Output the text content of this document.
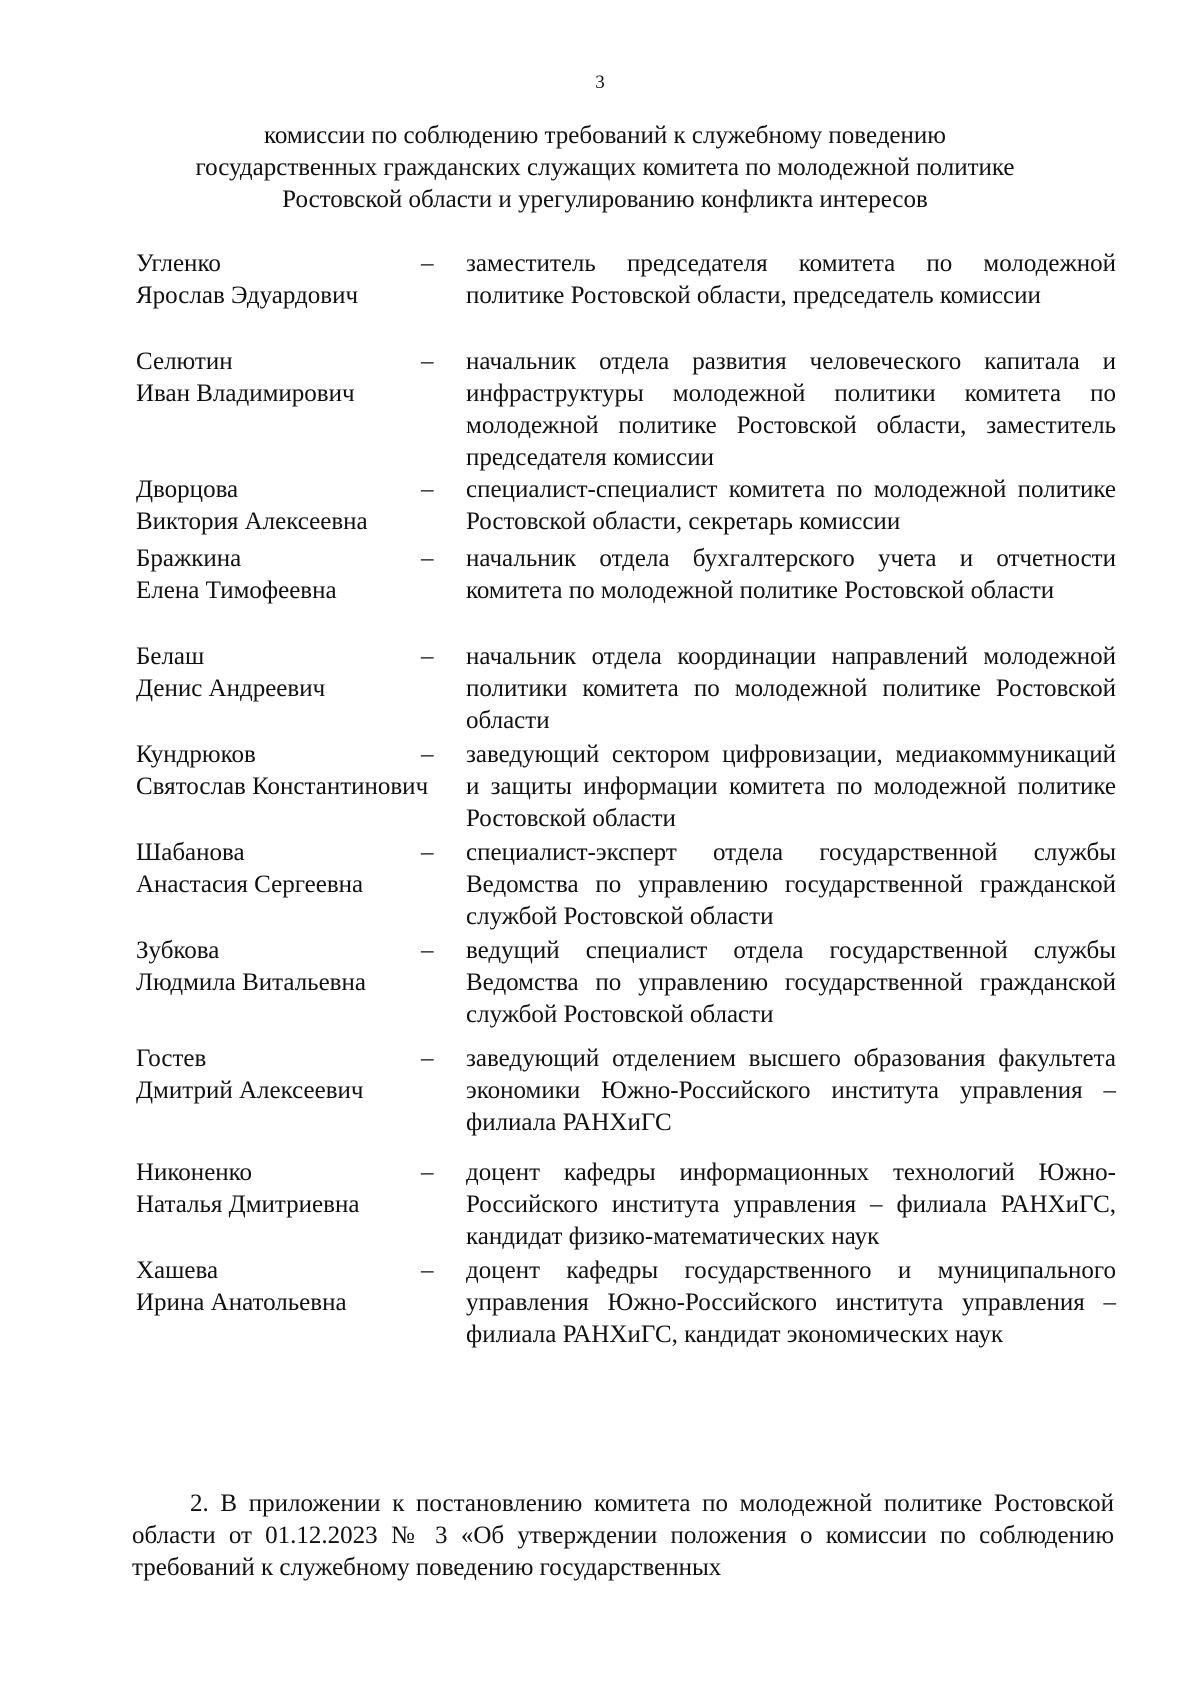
3
комиссии по соблюдению требований к служебному поведению
государственных гражданских служащих комитета по молодежной политике
Ростовской области и урегулированию конфликта интересов
Угленко
Ярослав Эдуардович
–	заместитель председателя комитета по молодежной политике Ростовской области, председатель комиссии
Селютин
Иван Владимирович
–	начальник отдела развития человеческого капитала и инфраструктуры молодежной политики комитета по молодежной политике Ростовской области, заместитель председателя комиссии
Дворцова
Виктория Алексеевна
–	специалист-специалист комитета по молодежной политике Ростовской области, секретарь комиссии
Бражкина
Елена Тимофеевна
–	начальник отдела бухгалтерского учета и отчетности комитета по молодежной политике Ростовской области
Белаш
Денис Андреевич
–	начальник отдела координации направлений молодежной политики комитета по молодежной политике Ростовской области
Кундрюков
Святослав Константинович
–	заведующий сектором цифровизации, медиакоммуникаций и защиты информации комитета по молодежной политике Ростовской области
Шабанова
Анастасия Сергеевна
–	специалист-эксперт отдела государственной службы Ведомства по управлению государственной гражданской службой Ростовской области
Зубкова
Людмила Витальевна
–	ведущий специалист отдела государственной службы Ведомства по управлению государственной гражданской службой Ростовской области
Гостев
Дмитрий Алексеевич
–	заведующий отделением высшего образования факультета экономики Южно-Российского института управления – филиала РАНХиГС
Никоненко
Наталья Дмитриевна
–	доцент кафедры информационных технологий Южно-Российского института управления – филиала РАНХиГС, кандидат физико-математических наук
Хашева
Ирина Анатольевна
–	доцент кафедры государственного и муниципального управления Южно-Российского института управления – филиала РАНХиГС, кандидат экономических наук

2. В приложении к постановлению комитета по молодежной политике Ростовской области от 01.12.2023 № 3 «Об утверждении положения о комиссии по соблюдению требований к служебному поведению государственных
